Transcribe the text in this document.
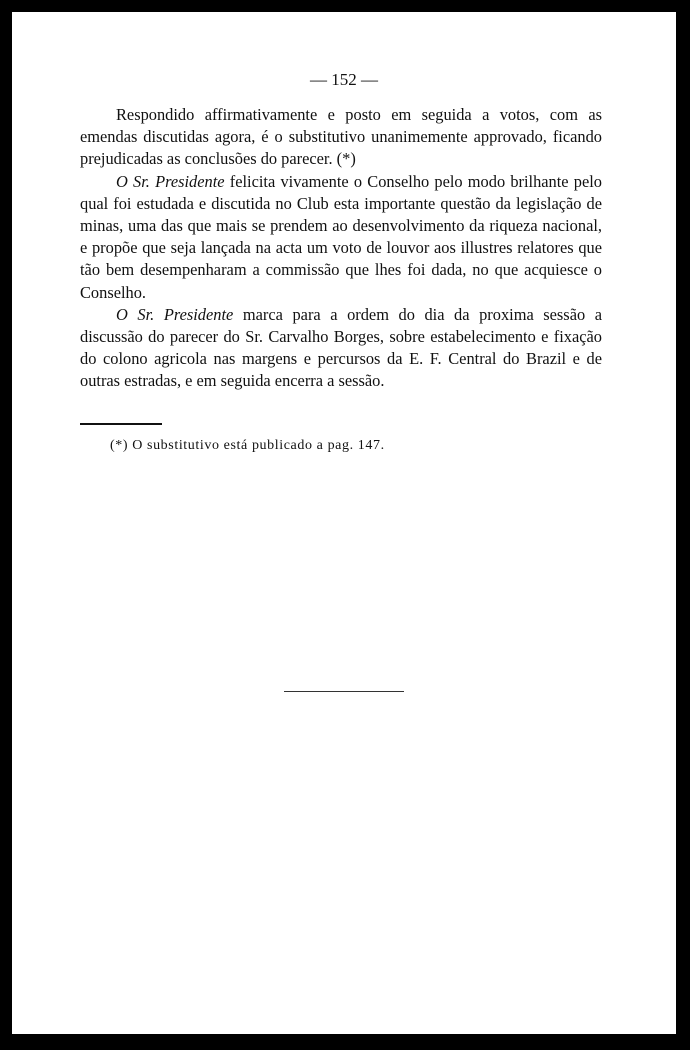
— 152 —

Respondido affirmativamente e posto em seguida a votos, com as emendas discutidas agora, é o substitutivo unanimemente approvado, ficando prejudicadas as conclusões do parecer. (*)

O Sr. Presidente felicita vivamente o Conselho pelo modo brilhante pelo qual foi estudada e discutida no Club esta importante questão da legislação de minas, uma das que mais se prendem ao desenvolvimento da riqueza nacional, e propõe que seja lançada na acta um voto de louvor aos illustres relatores que tão bem desempenharam a commissão que lhes foi dada, no que acquiesce o Conselho.

O Sr. Presidente marca para a ordem do dia da proxima sessão a discussão do parecer do Sr. Carvalho Borges, sobre estabelecimento e fixação do colono agricola nas margens e percursos da E. F. Central do Brazil e de outras estradas, e em seguida encerra a sessão.

(*) O substitutivo está publicado a pag. 147.
